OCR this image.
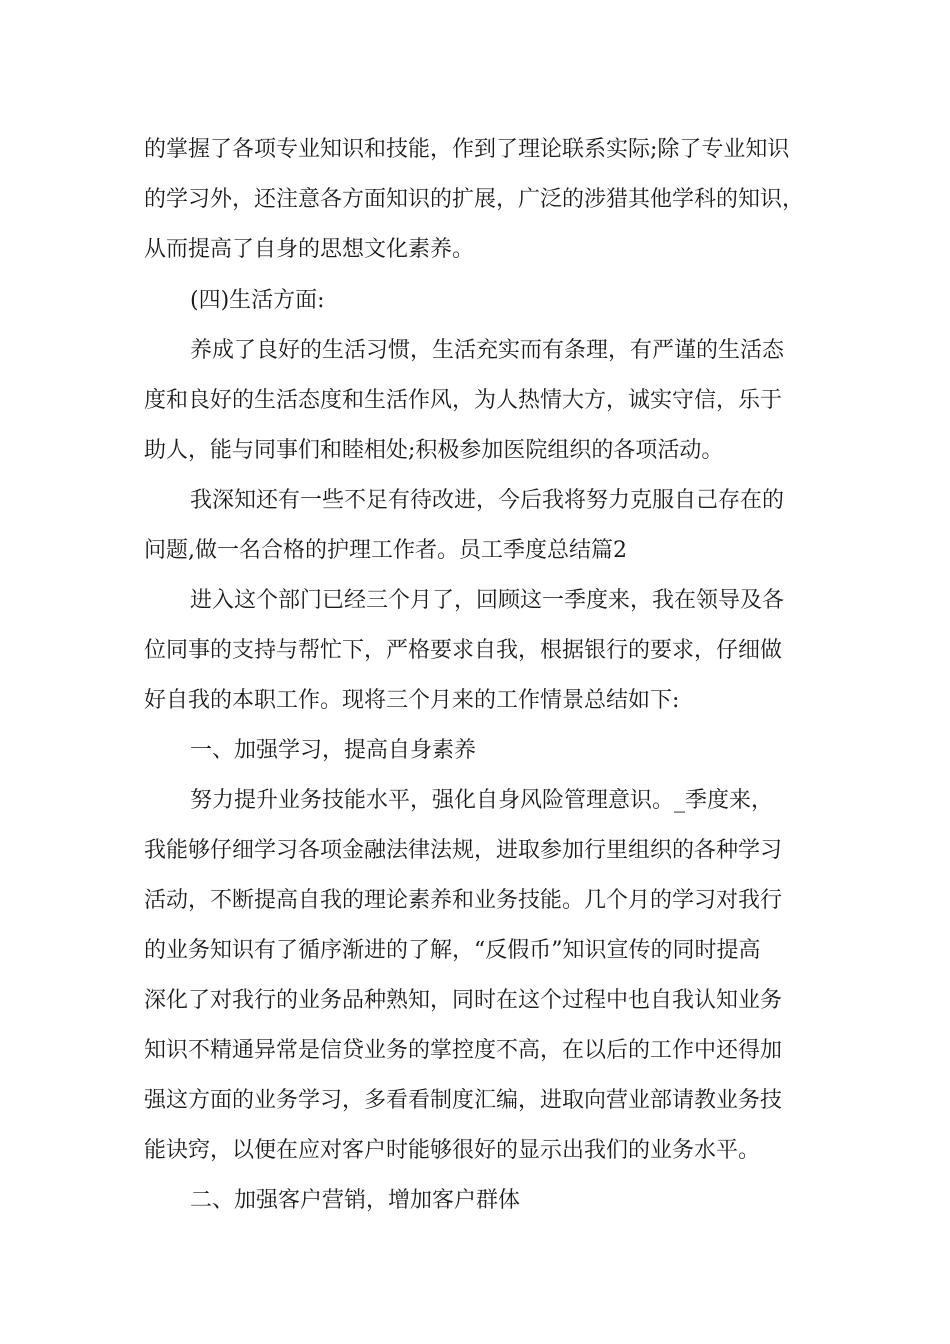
的掌握了各项专业知识和技能，作到了理论联系实际;除了专业知识

的学习外，还注意各方面知识的扩展，广泛的涉猎其他学科的知识，

从而提高了自身的思想文化素养。

(四)生活方面:

养成了良好的生活习惯，生活充实而有条理，有严谨的生活态

度和良好的生活态度和生活作风，为人热情大方，诚实守信，乐于

助人，能与同事们和睦相处;积极参加医院组织的各项活动。

我深知还有一些不足有待改进，今后我将努力克服自己存在的

问题,做一名合格的护理工作者。员工季度总结篇2

进入这个部门已经三个月了，回顾这一季度来，我在领导及各

位同事的支持与帮忙下，严格要求自我，根据银行的要求，仔细做

好自我的本职工作。现将三个月来的工作情景总结如下:

一、加强学习，提高自身素养

努力提升业务技能水平，强化自身风险管理意识。_季度来，

我能够仔细学习各项金融法律法规，进取参加行里组织的各种学习

活动，不断提高自我的理论素养和业务技能。几个月的学习对我行

的业务知识有了循序渐进的了解，“反假币”知识宣传的同时提高

深化了对我行的业务品种熟知，同时在这个过程中也自我认知业务

知识不精通异常是信贷业务的掌控度不高，在以后的工作中还得加

强这方面的业务学习，多看看制度汇编，进取向营业部请教业务技

能诀窍，以便在应对客户时能够很好的显示出我们的业务水平。

二、加强客户营销，增加客户群体
